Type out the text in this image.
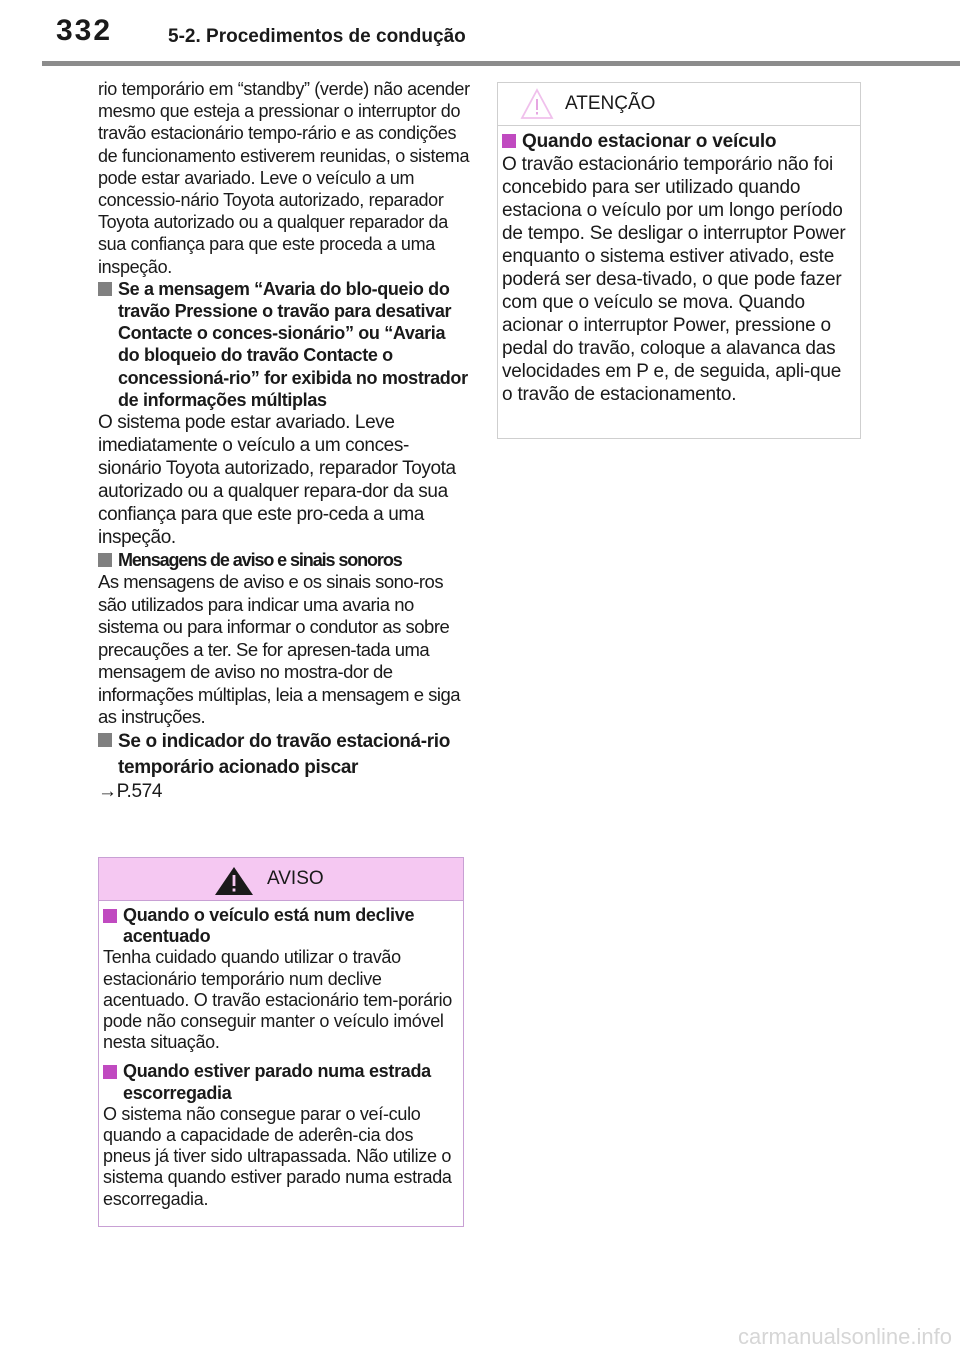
332	5-2. Procedimentos de condução

rio temporário em “standby” (verde) não acender mesmo que esteja a pressionar o interruptor do travão estacionário tempo-rário e as condições de funcionamento estiverem reunidas, o sistema pode estar avariado. Leve o veículo a um concessio-nário Toyota autorizado, reparador Toyota autorizado ou a qualquer reparador da sua confiança para que este proceda a uma inspeção.

Se a mensagem “Avaria do blo-queio do travão Pressione o travão para desativar Contacte o conces-sionário” ou “Avaria do bloqueio do travão Contacte o concessioná-rio” for exibida no mostrador de informações múltiplas

O sistema pode estar avariado. Leve imediatamente o veículo a um conces-sionário Toyota autorizado, reparador Toyota autorizado ou a qualquer repara-dor da sua confiança para que este pro-ceda a uma inspeção.

Mensagens de aviso e sinais sonoros

As mensagens de aviso e os sinais sono-ros são utilizados para indicar uma avaria no sistema ou para informar o condutor as sobre precauções a ter. Se for apresen-tada uma mensagem de aviso no mostra-dor de informações múltiplas, leia a mensagem e siga as instruções.

Se o indicador do travão estacioná-rio temporário acionado piscar

→P.574

AVISO

Quando o veículo está num declive acentuado

Tenha cuidado quando utilizar o travão estacionário temporário num declive acentuado. O travão estacionário tem-porário pode não conseguir manter o veículo imóvel nesta situação.

Quando estiver parado numa estrada escorregadia

O sistema não consegue parar o veí-culo quando a capacidade de aderên-cia dos pneus já tiver sido ultrapassada. Não utilize o sistema quando estiver parado numa estrada escorregadia.

ATENÇÃO

Quando estacionar o veículo

O travão estacionário temporário não foi concebido para ser utilizado quando estaciona o veículo por um longo período de tempo. Se desligar o interruptor Power enquanto o sistema estiver ativado, este poderá ser desa-tivado, o que pode fazer com que o veículo se mova. Quando acionar o interruptor Power, pressione o pedal do travão, coloque a alavanca das velocidades em P e, de seguida, apli-que o travão de estacionamento.

carmanualsonline.info
